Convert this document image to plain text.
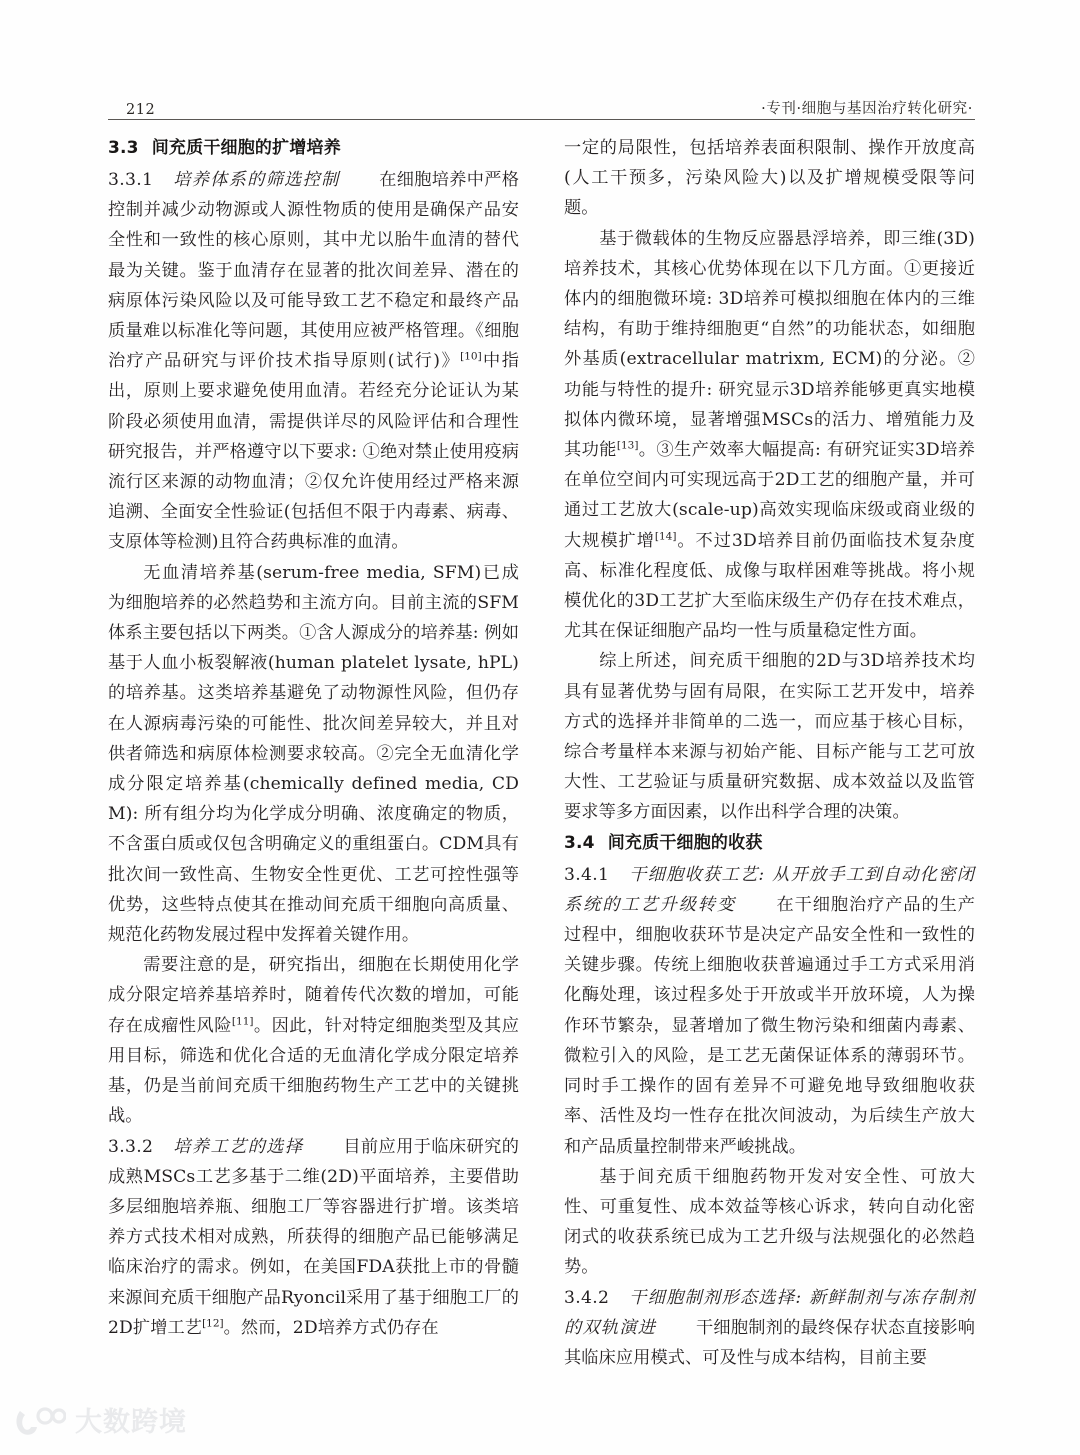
212	·专刊·细胞与基因治疗转化研究·
3.3 间充质干细胞的扩增培养

3.3.1 培养体系的筛选控制 在细胞培养中严格控制并减少动物源或人源性物质的使用是确保产品安全性和一致性的核心原则，其中尤以胎牛血清的替代最为关键。鉴于血清存在显著的批次间差异、潜在的病原体污染风险以及可能导致工艺不稳定和最终产品质量难以标准化等问题，其使用应被严格管理。《细胞治疗产品研究与评价技术指导原则(试行)》[10]中指出，原则上要求避免使用血清。若经充分论证认为某阶段必须使用血清，需提供详尽的风险评估和合理性研究报告，并严格遵守以下要求: ①绝对禁止使用疫病流行区来源的动物血清；②仅允许使用经过严格来源追溯、全面安全性验证(包括但不限于内毒素、病毒、支原体等检测)且符合药典标准的血清。

无血清培养基(serum-free media, SFM)已成为细胞培养的必然趋势和主流方向。目前主流的SFM体系主要包括以下两类。①含人源成分的培养基: 例如基于人血小板裂解液(human platelet lysate, hPL)的培养基。这类培养基避免了动物源性风险，但仍存在人源病毒污染的可能性、批次间差异较大，并且对供者筛选和病原体检测要求较高。②完全无血清化学成分限定培养基(chemically defined media, CDM): 所有组分均为化学成分明确、浓度确定的物质，不含蛋白质或仅包含明确定义的重组蛋白。CDM具有批次间一致性高、生物安全性更优、工艺可控性强等优势，这些特点使其在推动间充质干细胞向高质量、规范化药物发展过程中发挥着关键作用。

需要注意的是，研究指出，细胞在长期使用化学成分限定培养基培养时，随着传代次数的增加，可能存在成瘤性风险[11]。因此，针对特定细胞类型及其应用目标，筛选和优化合适的无血清化学成分限定培养基，仍是当前间充质干细胞药物生产工艺中的关键挑战。

3.3.2 培养工艺的选择 目前应用于临床研究的成熟MSCs工艺多基于二维(2D)平面培养，主要借助多层细胞培养瓶、细胞工厂等容器进行扩增。该类培养方式技术相对成熟，所获得的细胞产品已能够满足临床治疗的需求。例如，在美国FDA获批上市的骨髓来源间充质干细胞产品Ryoncil采用了基于细胞工厂的2D扩增工艺[12]。然而，2D培养方式仍存在

一定的局限性，包括培养表面积限制、操作开放度高(人工干预多，污染风险大)以及扩增规模受限等问题。

基于微载体的生物反应器悬浮培养，即三维(3D)培养技术，其核心优势体现在以下几方面。①更接近体内的细胞微环境: 3D培养可模拟细胞在体内的三维结构，有助于维持细胞更“自然”的功能状态，如细胞外基质(extracellular matrixm, ECM)的分泌。②功能与特性的提升: 研究显示3D培养能够更真实地模拟体内微环境，显著增强MSCs的活力、增殖能力及其功能[13]。③生产效率大幅提高: 有研究证实3D培养在单位空间内可实现远高于2D工艺的细胞产量，并可通过工艺放大(scale-up)高效实现临床级或商业级的大规模扩增[14]。不过3D培养目前仍面临技术复杂度高、标准化程度低、成像与取样困难等挑战。将小规模优化的3D工艺扩大至临床级生产仍存在技术难点，尤其在保证细胞产品均一性与质量稳定性方面。

综上所述，间充质干细胞的2D与3D培养技术均具有显著优势与固有局限，在实际工艺开发中，培养方式的选择并非简单的二选一，而应基于核心目标，综合考量样本来源与初始产能、目标产能与工艺可放大性、工艺验证与质量研究数据、成本效益以及监管要求等多方面因素，以作出科学合理的决策。

3.4 间充质干细胞的收获

3.4.1 干细胞收获工艺: 从开放手工到自动化密闭系统的工艺升级转变 在干细胞治疗产品的生产过程中，细胞收获环节是决定产品安全性和一致性的关键步骤。传统上细胞收获普遍通过手工方式采用消化酶处理，该过程多处于开放或半开放环境，人为操作环节繁杂，显著增加了微生物污染和细菌内毒素、微粒引入的风险，是工艺无菌保证体系的薄弱环节。同时手工操作的固有差异不可避免地导致细胞收获率、活性及均一性存在批次间波动，为后续生产放大和产品质量控制带来严峻挑战。

基于间充质干细胞药物开发对安全性、可放大性、可重复性、成本效益等核心诉求，转向自动化密闭式的收获系统已成为工艺升级与法规强化的必然趋势。

3.4.2 干细胞制剂形态选择: 新鲜制剂与冻存制剂的双轨演进 干细胞制剂的最终保存状态直接影响其临床应用模式、可及性与成本结构，目前主要

大数跨境
